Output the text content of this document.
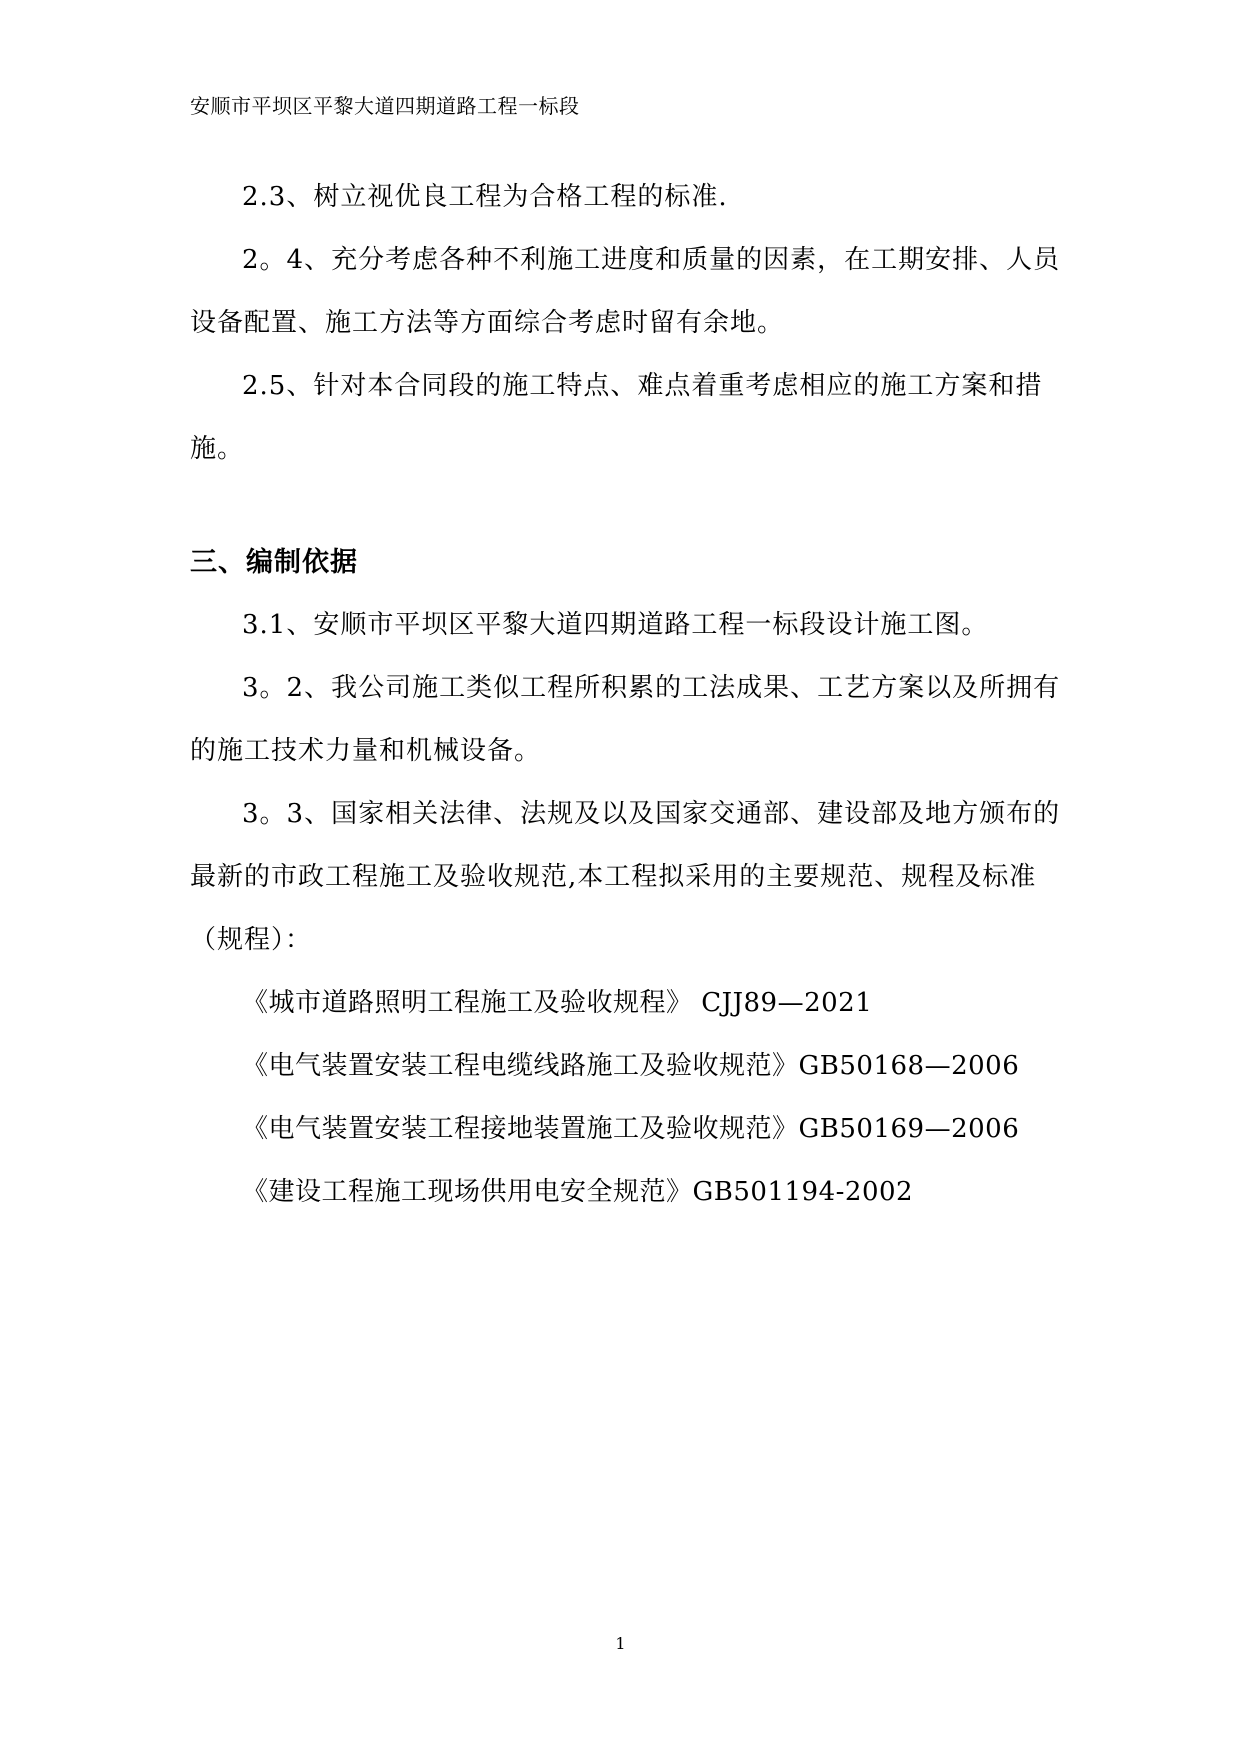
安顺市平坝区平黎大道四期道路工程一标段

2.3、树立视优良工程为合格工程的标准.

2。4、充分考虑各种不利施工进度和质量的因素，在工期安排、人员设备配置、施工方法等方面综合考虑时留有余地。

2.5、针对本合同段的施工特点、难点着重考虑相应的施工方案和措施。

三、编制依据

3.1、安顺市平坝区平黎大道四期道路工程一标段设计施工图。

3。2、我公司施工类似工程所积累的工法成果、工艺方案以及所拥有的施工技术力量和机械设备。

3。3、国家相关法律、法规及以及国家交通部、建设部及地方颁布的最新的市政工程施工及验收规范,本工程拟采用的主要规范、规程及标准（规程）：

《城市道路照明工程施工及验收规程》 CJJ89—2021
《电气装置安装工程电缆线路施工及验收规范》GB50168—2006
《电气装置安装工程接地装置施工及验收规范》GB50169—2006
《建设工程施工现场供用电安全规范》GB501194-2002
1
